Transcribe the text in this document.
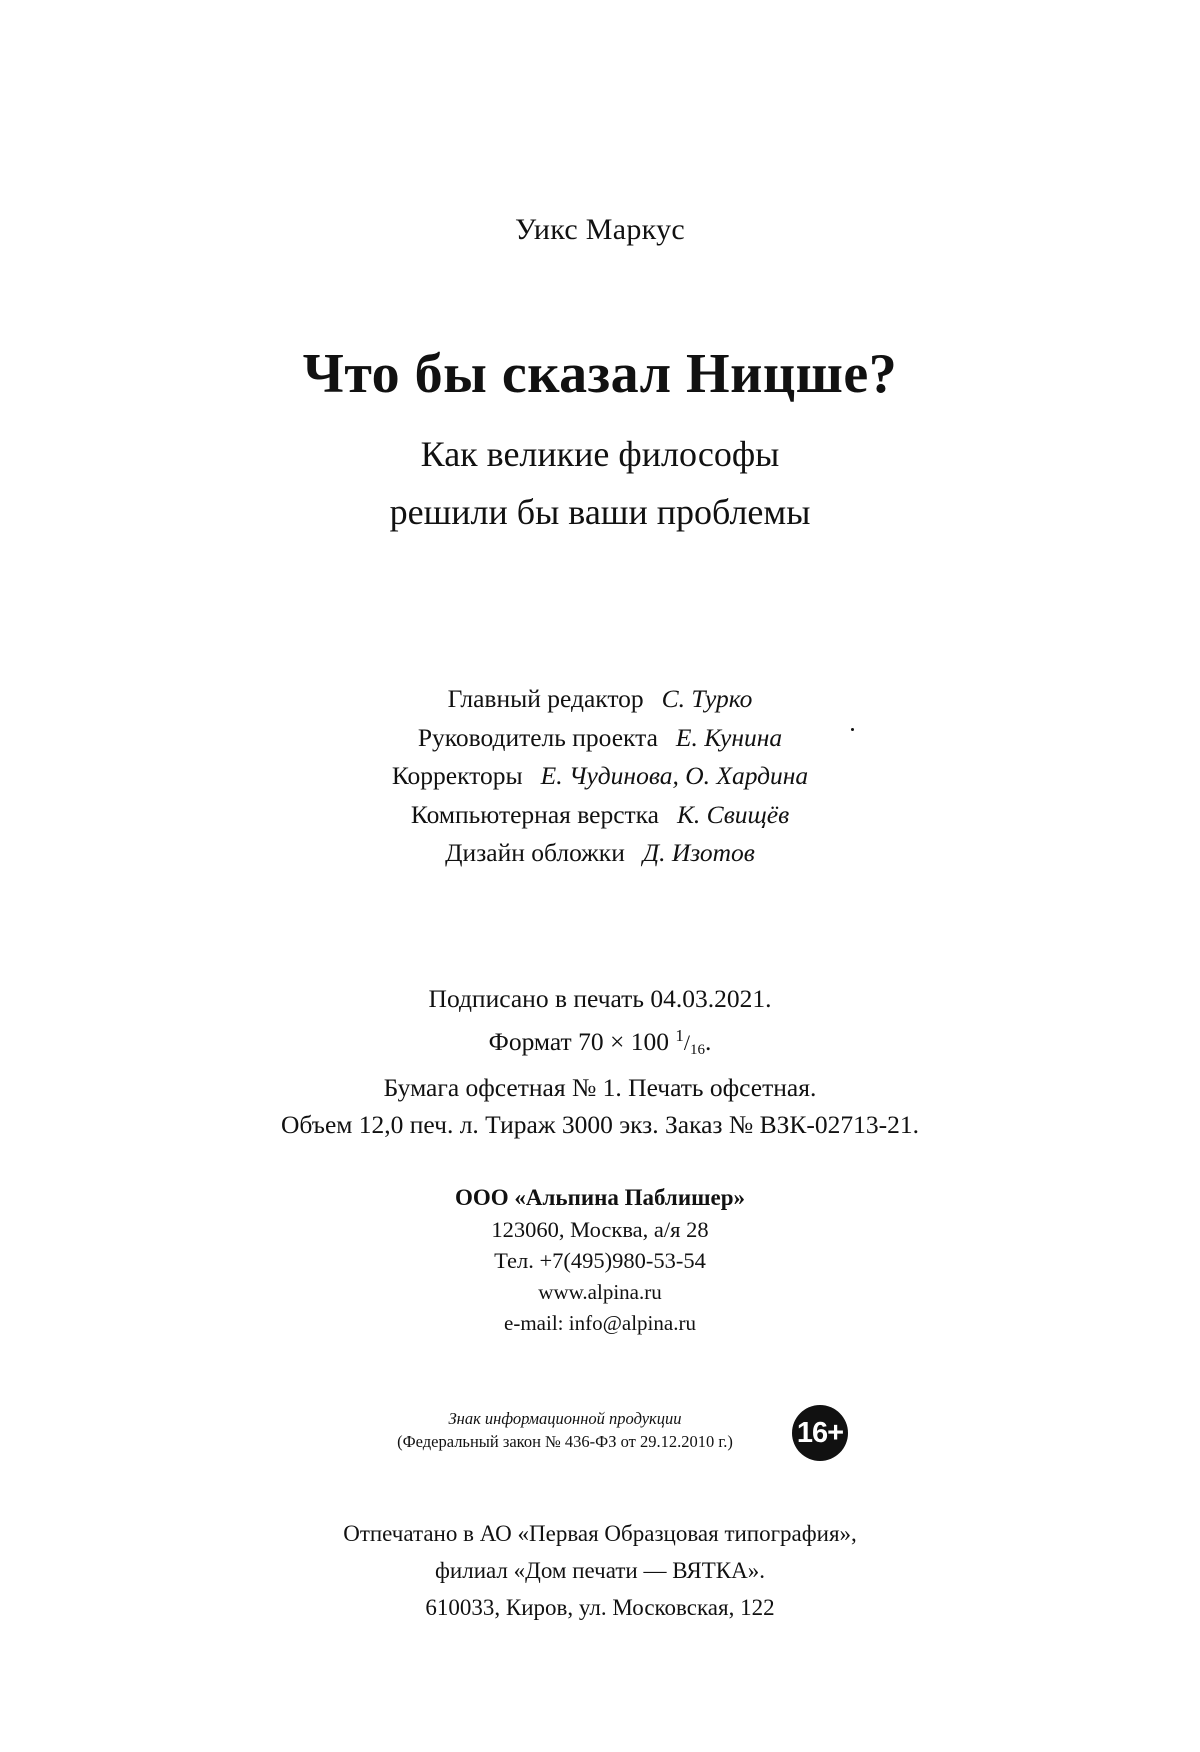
Уикс Маркус
Что бы сказал Ницше?
Как великие философы
решили бы ваши проблемы
Главный редактор С. Турко
Руководитель проекта Е. Кунина
Корректоры Е. Чудинова, О. Хардина
Компьютерная верстка К. Свищёв
Дизайн обложки Д. Изотов
Подписано в печать 04.03.2021.
Формат 70 × 100 $^1$/16.
Бумага офсетная № 1. Печать офсетная.
Объем 12,0 печ. л. Тираж 3000 экз. Заказ № ВЗК-02713-21.
ООО «Альпина Паблишер»
123060, Москва, а/я 28
Тел. +7(495)980-53-54
www.alpina.ru
e-mail: info@alpina.ru
Знак информационной продукции
(Федеральный закон № 436-ФЗ от 29.12.2010 г.)	16+
Отпечатано в АО «Первая Образцовая типография»,
филиал «Дом печати — ВЯТКА».
610033, Киров, ул. Московская, 122
